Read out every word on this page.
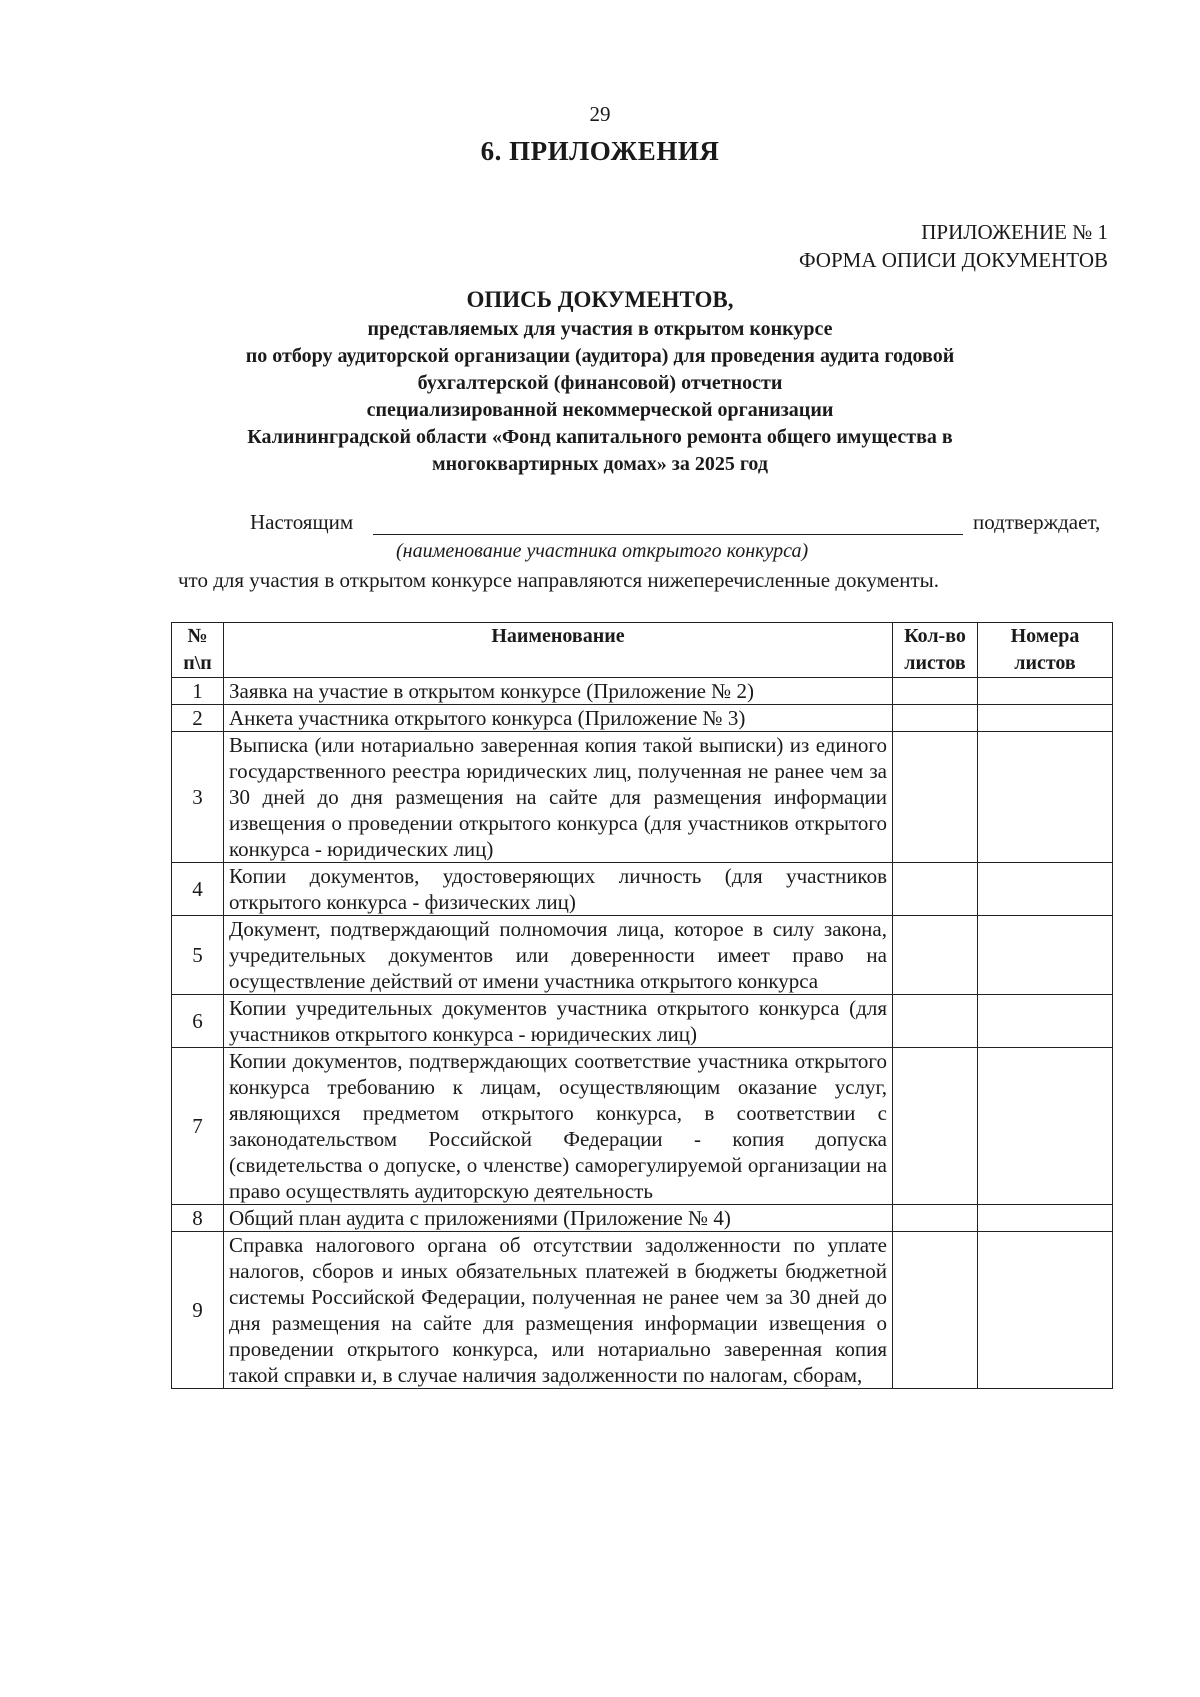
29
6. ПРИЛОЖЕНИЯ
ПРИЛОЖЕНИЕ № 1
ФОРМА ОПИСИ ДОКУМЕНТОВ
ОПИСЬ ДОКУМЕНТОВ,
представляемых для участия в открытом конкурсе
по отбору аудиторской организации (аудитора) для проведения аудита годовой
бухгалтерской (финансовой) отчетности
специализированной некоммерческой организации
Калининградской области «Фонд капитального ремонта общего имущества в
многоквартирных домах» за 2025 год
Настоящим	подтверждает,
(наименование участника открытого конкурса)
что для участия в открытом конкурсе направляются нижеперечисленные документы.
№ п\п	Наименование	Кол-во листов	Номера листов
1	Заявка на участие в открытом конкурсе (Приложение № 2)		
2	Анкета участника открытого конкурса (Приложение № 3)		
3	Выписка (или нотариально заверенная копия такой выписки) из единого государственного реестра юридических лиц, полученная не ранее чем за 30 дней до дня размещения на сайте для размещения информации извещения о проведении открытого конкурса (для участников открытого конкурса - юридических лиц)		
4	Копии документов, удостоверяющих личность (для участников открытого конкурса - физических лиц)		
5	Документ, подтверждающий полномочия лица, которое в силу закона, учредительных документов или доверенности имеет право на осуществление действий от имени участника открытого конкурса		
6	Копии учредительных документов участника открытого конкурса (для участников открытого конкурса - юридических лиц)		
7	Копии документов, подтверждающих соответствие участника открытого конкурса требованию к лицам, осуществляющим оказание услуг, являющихся предметом открытого конкурса, в соответствии с законодательством Российской Федерации - копия допуска (свидетельства о допуске, о членстве) саморегулируемой организации на право осуществлять аудиторскую деятельность		
8	Общий план аудита с приложениями (Приложение № 4)		
9	Справка налогового органа об отсутствии задолженности по уплате налогов, сборов и иных обязательных платежей в бюджеты бюджетной системы Российской Федерации, полученная не ранее чем за 30 дней до дня размещения на сайте для размещения информации извещения о проведении открытого конкурса, или нотариально заверенная копия такой справки и, в случае наличия задолженности по налогам, сборам,		
